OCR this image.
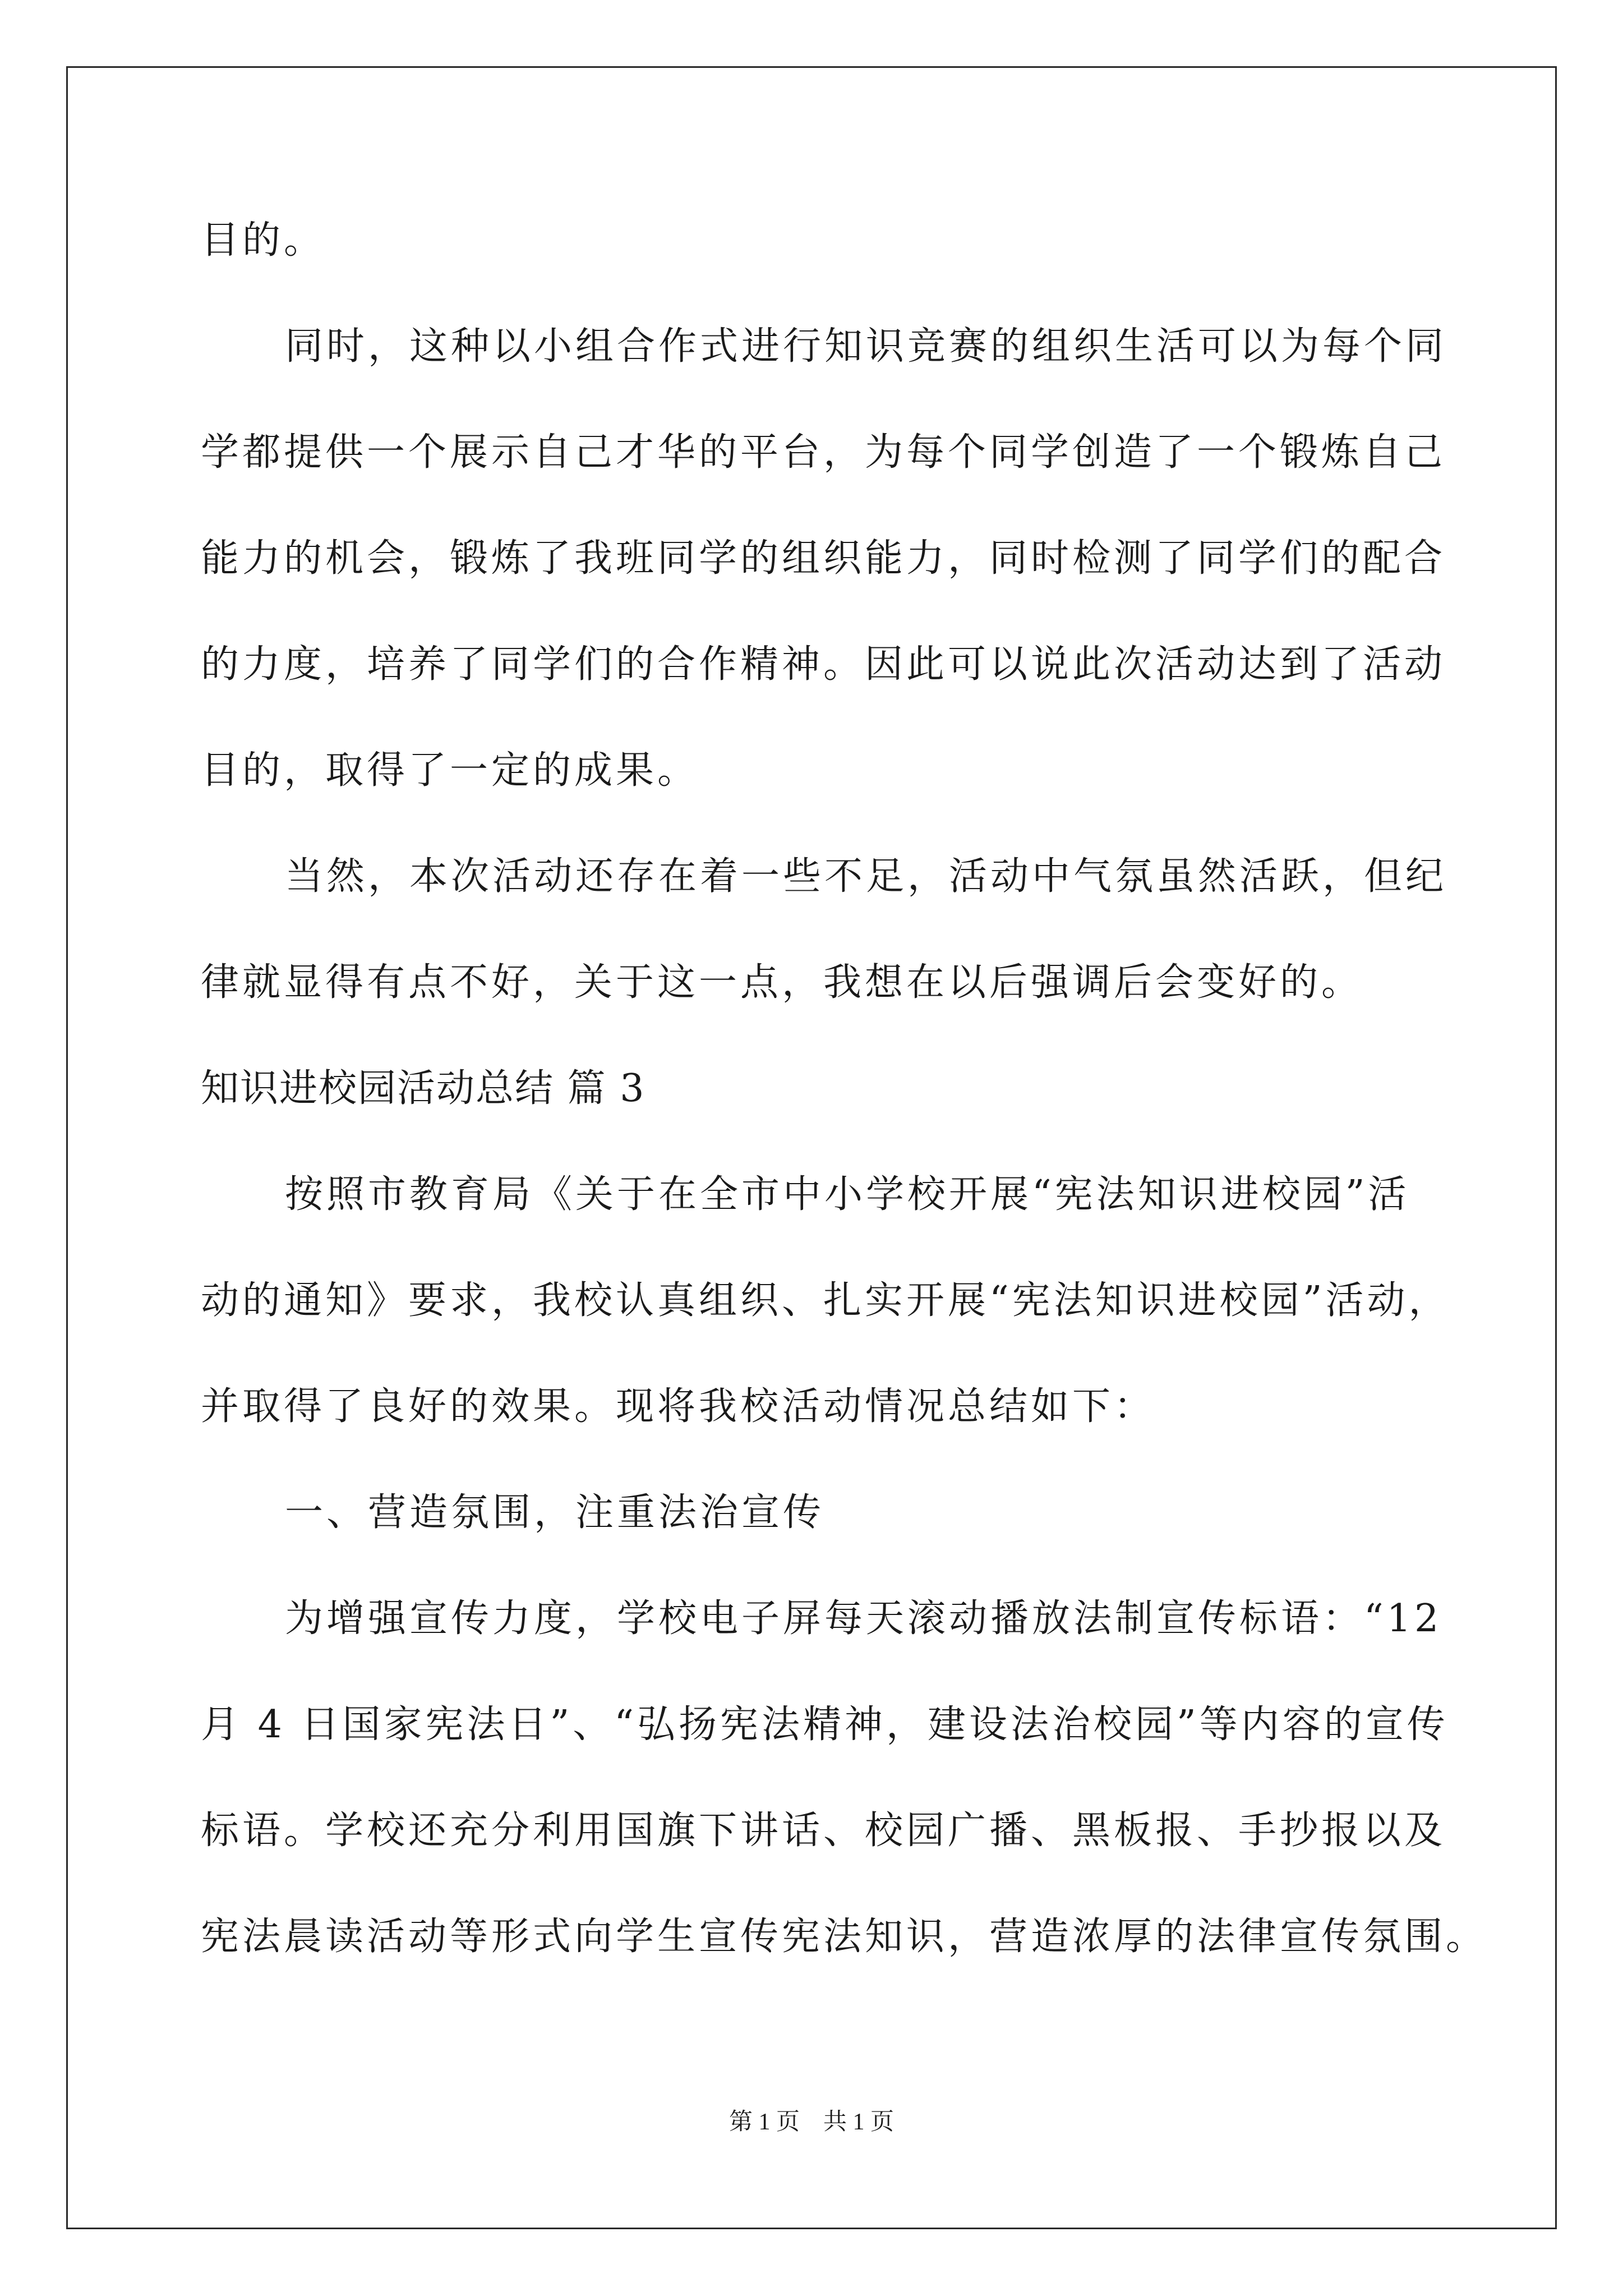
目的。
同时，这种以小组合作式进行知识竞赛的组织生活可以为每个同
学都提供一个展示自己才华的平台，为每个同学创造了一个锻炼自己
能力的机会，锻炼了我班同学的组织能力，同时检测了同学们的配合
的力度，培养了同学们的合作精神。因此可以说此次活动达到了活动
目的，取得了一定的成果。
当然，本次活动还存在着一些不足，活动中气氛虽然活跃，但纪
律就显得有点不好，关于这一点，我想在以后强调后会变好的。
知识进校园活动总结 篇 3
按照市教育局《关于在全市中小学校开展“宪法知识进校园”活
动的通知》要求，我校认真组织、扎实开展“宪法知识进校园”活动，
并取得了良好的效果。现将我校活动情况总结如下：
一、营造氛围，注重法治宣传
为增强宣传力度，学校电子屏每天滚动播放法制宣传标语：“12
月 4 日国家宪法日”、“弘扬宪法精神，建设法治校园”等内容的宣传
标语。学校还充分利用国旗下讲话、校园广播、黑板报、手抄报以及
宪法晨读活动等形式向学生宣传宪法知识，营造浓厚的法律宣传氛围。
第 1 页　共 1 页
